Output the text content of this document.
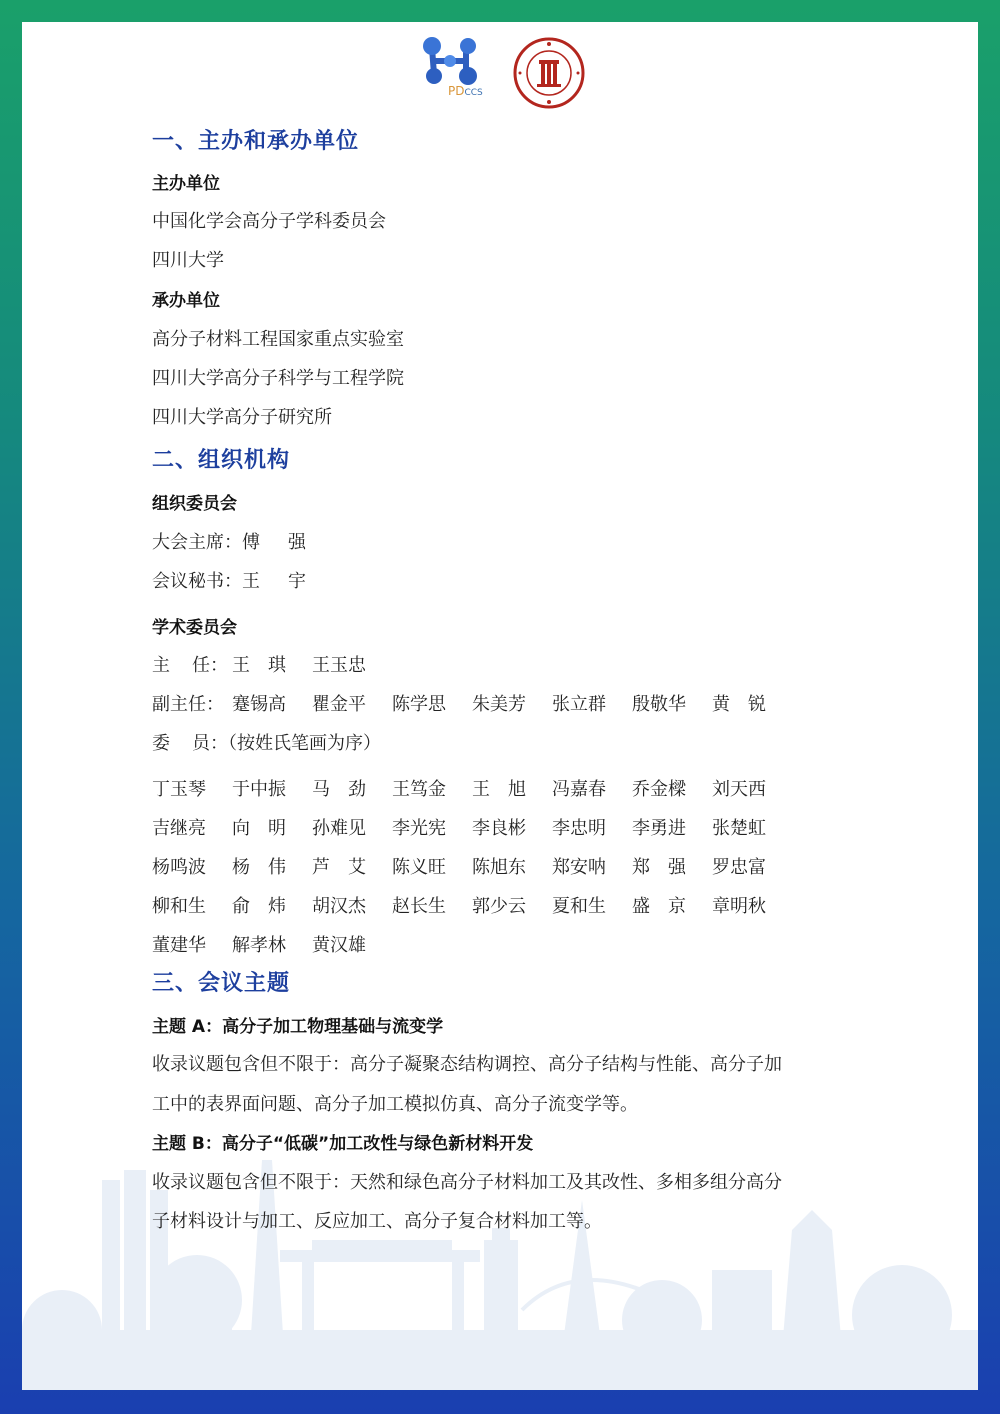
PDCCS
一、主办和承办单位
主办单位
中国化学会高分子学科委员会
四川大学
承办单位
高分子材料工程国家重点实验室
四川大学高分子科学与工程学院
四川大学高分子研究所
二、组织机构
组织委员会
大会主席：傅 强
会议秘书：王 宇
学术委员会
主 任： 王　琪 王玉忠
副主任： 蹇锡高	瞿金平	陈学思	朱美芳	张立群	殷敬华	黄　锐
委 员：（按姓氏笔画为序）
丁玉琴	于中振	马　劲	王笃金	王　旭	冯嘉春	乔金樑	刘天西
吉继亮	向　明	孙难见	李光宪	李良彬	李忠明	李勇进	张楚虹
杨鸣波	杨　伟	芦　艾	陈义旺	陈旭东	郑安呐	郑　强	罗忠富
柳和生	俞　炜	胡汉杰	赵长生	郭少云	夏和生	盛　京	章明秋
董建华	解孝林	黄汉雄
三、会议主题
主题 A：高分子加工物理基础与流变学
收录议题包含但不限于：高分子凝聚态结构调控、高分子结构与性能、高分子加
工中的表界面问题、高分子加工模拟仿真、高分子流变学等。
主题 B：高分子“低碳”加工改性与绿色新材料开发
收录议题包含但不限于：天然和绿色高分子材料加工及其改性、多相多组分高分
子材料设计与加工、反应加工、高分子复合材料加工等。
